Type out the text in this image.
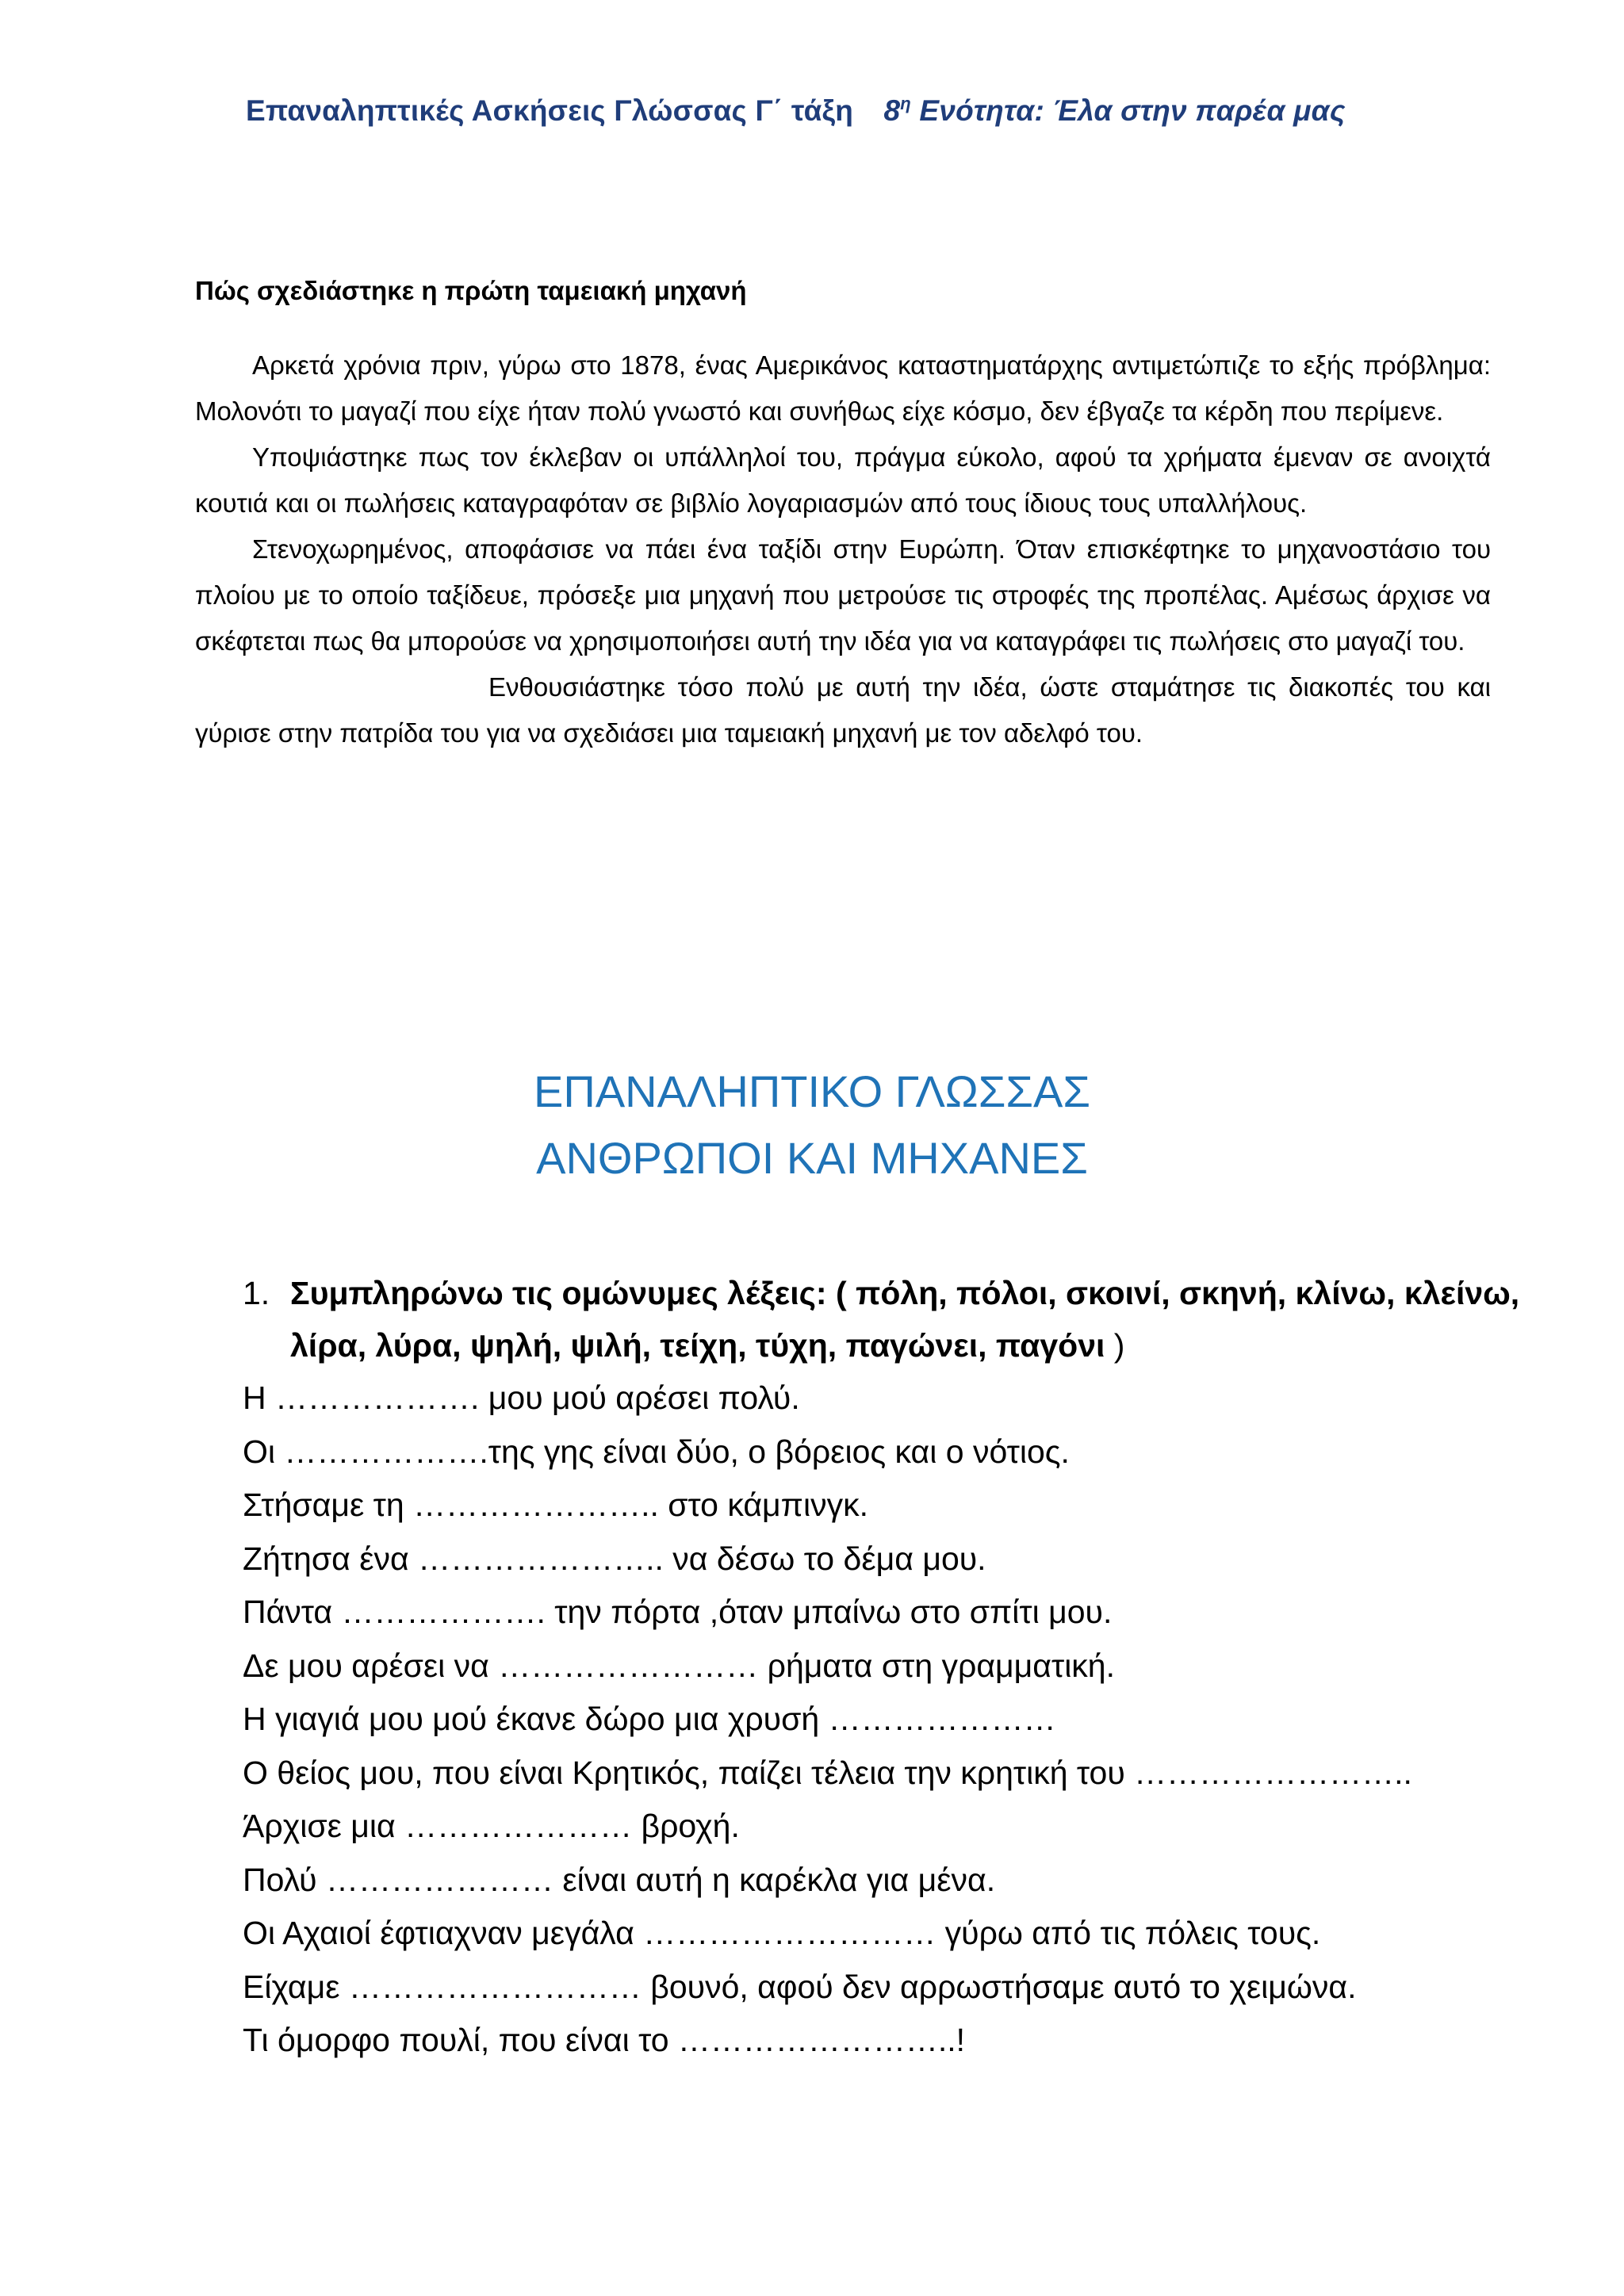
Επαναληπτικές Ασκήσεις Γλώσσας Γ΄ τάξη $8^\eta$ Ενότητα: Έλα στην παρέα μας
Πώς σχεδιάστηκε η πρώτη ταμειακή μηχανή

Αρκετά χρόνια πριν, γύρω στο 1878, ένας Αμερικάνος καταστηματάρχης αντιμετώπιζε το εξής πρόβλημα: Μολονότι το μαγαζί που είχε ήταν πολύ γνωστό και συνήθως είχε κόσμο, δεν έβγαζε τα κέρδη που περίμενε.

Υποψιάστηκε πως τον έκλεβαν οι υπάλληλοί του, πράγμα εύκολο, αφού τα χρήματα έμεναν σε ανοιχτά κουτιά και οι πωλήσεις καταγραφόταν σε βιβλίο λογαριασμών από τους ίδιους τους υπαλλήλους.

Στενοχωρημένος, αποφάσισε να πάει ένα ταξίδι στην Ευρώπη. Όταν επισκέφτηκε το μηχανοστάσιο του πλοίου με το οποίο ταξίδευε, πρόσεξε μια μηχανή που μετρούσε τις στροφές της προπέλας. Αμέσως άρχισε να σκέφτεται πως θα μπορούσε να χρησιμοποιήσει αυτή την ιδέα για να καταγράφει τις πωλήσεις στο μαγαζί του.

Ενθουσιάστηκε τόσο πολύ με αυτή την ιδέα, ώστε σταμάτησε τις διακοπές του και γύρισε στην πατρίδα του για να σχεδιάσει μια ταμειακή μηχανή με τον αδελφό του.

ΕΠΑΝΑΛΗΠΤΙΚΟ ΓΛΩΣΣΑΣ
ΑΝΘΡΩΠΟΙ ΚΑΙ ΜΗΧΑΝΕΣ
1. Συμπληρώνω τις ομώνυμες λέξεις: ( πόλη, πόλοι, σκοινί, σκηνή, κλίνω, κλείνω, λίρα, λύρα, ψηλή, ψιλή, τείχη, τύχη, παγώνει, παγόνι )
Η ………………. μου μού αρέσει πολύ.
Οι ……………….της γης είναι δύο, ο βόρειος και ο νότιος.
Στήσαμε τη ………………….. στο κάμπινγκ.
Ζήτησα ένα ………………….. να δέσω το δέμα μου.
Πάντα ………………. την πόρτα ,όταν μπαίνω στο σπίτι μου.
Δε μου αρέσει να …………………… ρήματα στη γραμματική.
Η γιαγιά μου μού έκανε δώρο μια χρυσή …………………
Ο θείος μου, που είναι Κρητικός, παίζει τέλεια την κρητική του ……………………..
Άρχισε μια ………………… βροχή.
Πολύ ………………… είναι αυτή η καρέκλα για μένα.
Οι Αχαιοί έφτιαχναν μεγάλα ……………………… γύρω από τις πόλεις τους.
Είχαμε ……………………… βουνό, αφού δεν αρρωστήσαμε αυτό το χειμώνα.
Τι όμορφο πουλί, που είναι το ……………………..!
